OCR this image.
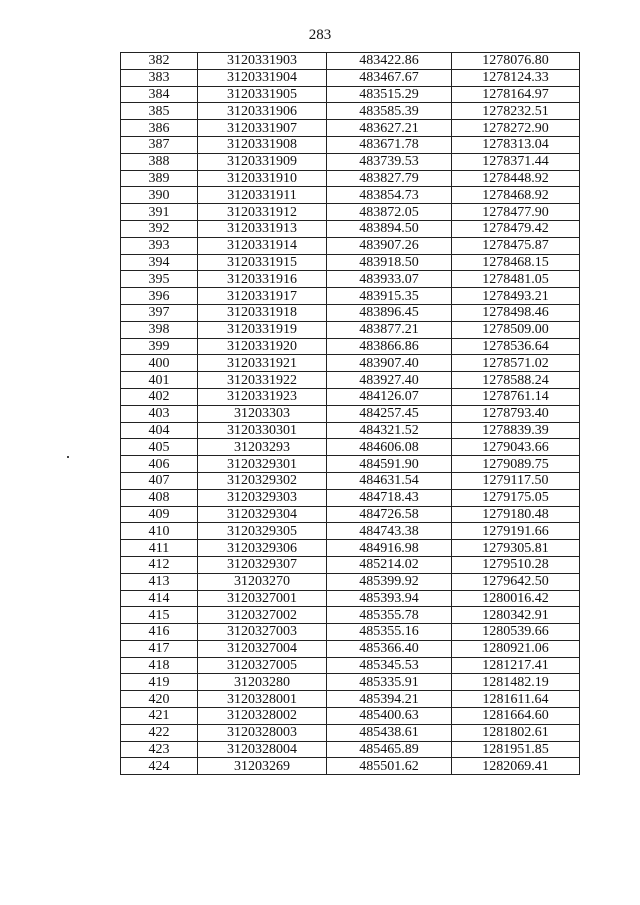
283
382	3120331903	483422.86	1278076.80
383	3120331904	483467.67	1278124.33
384	3120331905	483515.29	1278164.97
385	3120331906	483585.39	1278232.51
386	3120331907	483627.21	1278272.90
387	3120331908	483671.78	1278313.04
388	3120331909	483739.53	1278371.44
389	3120331910	483827.79	1278448.92
390	3120331911	483854.73	1278468.92
391	3120331912	483872.05	1278477.90
392	3120331913	483894.50	1278479.42
393	3120331914	483907.26	1278475.87
394	3120331915	483918.50	1278468.15
395	3120331916	483933.07	1278481.05
396	3120331917	483915.35	1278493.21
397	3120331918	483896.45	1278498.46
398	3120331919	483877.21	1278509.00
399	3120331920	483866.86	1278536.64
400	3120331921	483907.40	1278571.02
401	3120331922	483927.40	1278588.24
402	3120331923	484126.07	1278761.14
403	31203303	484257.45	1278793.40
404	3120330301	484321.52	1278839.39
405	31203293	484606.08	1279043.66
406	3120329301	484591.90	1279089.75
407	3120329302	484631.54	1279117.50
408	3120329303	484718.43	1279175.05
409	3120329304	484726.58	1279180.48
410	3120329305	484743.38	1279191.66
411	3120329306	484916.98	1279305.81
412	3120329307	485214.02	1279510.28
413	31203270	485399.92	1279642.50
414	3120327001	485393.94	1280016.42
415	3120327002	485355.78	1280342.91
416	3120327003	485355.16	1280539.66
417	3120327004	485366.40	1280921.06
418	3120327005	485345.53	1281217.41
419	31203280	485335.91	1281482.19
420	3120328001	485394.21	1281611.64
421	3120328002	485400.63	1281664.60
422	3120328003	485438.61	1281802.61
423	3120328004	485465.89	1281951.85
424	31203269	485501.62	1282069.41
